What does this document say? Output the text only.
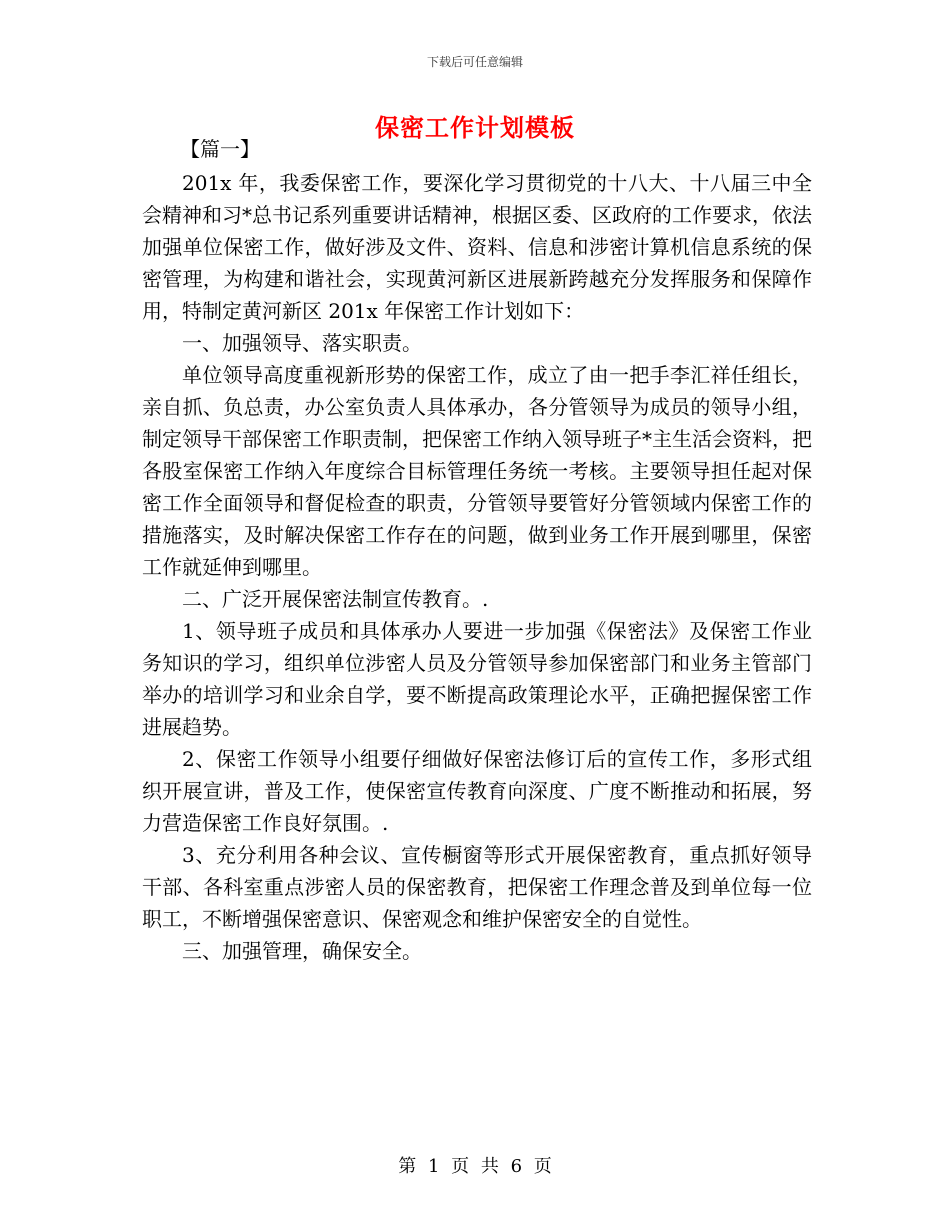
下载后可任意编辑
保密工作计划模板
【篇一】

201x 年，我委保密工作，要深化学习贯彻党的十八大、十八届三中全会精神和习*总书记系列重要讲话精神，根据区委、区政府的工作要求，依法加强单位保密工作，做好涉及文件、资料、信息和涉密计算机信息系统的保密管理，为构建和谐社会，实现黄河新区进展新跨越充分发挥服务和保障作用，特制定黄河新区 201x 年保密工作计划如下：

一、加强领导、落实职责。

单位领导高度重视新形势的保密工作，成立了由一把手李汇祥任组长，亲自抓、负总责，办公室负责人具体承办，各分管领导为成员的领导小组，制定领导干部保密工作职责制，把保密工作纳入领导班子*主生活会资料，把各股室保密工作纳入年度综合目标管理任务统一考核。主要领导担任起对保密工作全面领导和督促检查的职责，分管领导要管好分管领域内保密工作的措施落实，及时解决保密工作存在的问题，做到业务工作开展到哪里，保密工作就延伸到哪里。

二、广泛开展保密法制宣传教育。.

1、领导班子成员和具体承办人要进一步加强《保密法》及保密工作业务知识的学习，组织单位涉密人员及分管领导参加保密部门和业务主管部门举办的培训学习和业余自学，要不断提高政策理论水平，正确把握保密工作进展趋势。

2、保密工作领导小组要仔细做好保密法修订后的宣传工作，多形式组织开展宣讲，普及工作，使保密宣传教育向深度、广度不断推动和拓展，努力营造保密工作良好氛围。.

3、充分利用各种会议、宣传橱窗等形式开展保密教育，重点抓好领导干部、各科室重点涉密人员的保密教育，把保密工作理念普及到单位每一位职工，不断增强保密意识、保密观念和维护保密安全的自觉性。

三、加强管理，确保安全。

第 1 页 共 6 页
